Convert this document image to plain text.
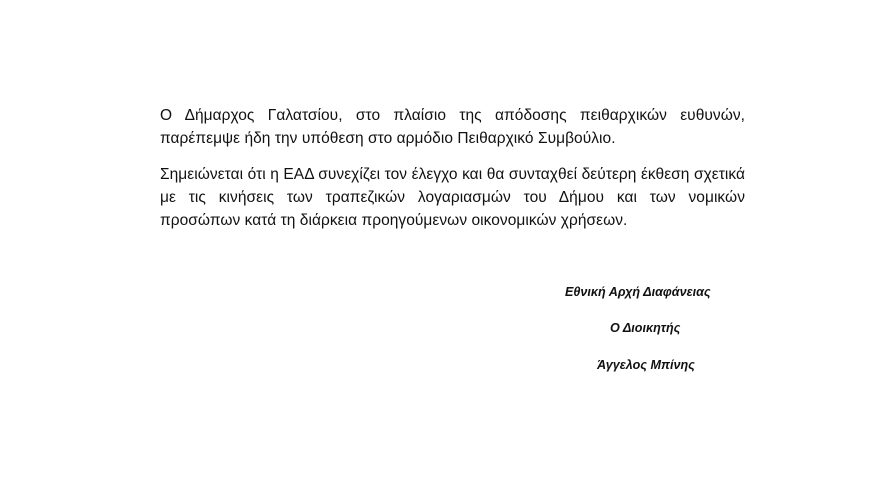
Ο Δήμαρχος Γαλατσίου, στο πλαίσιο της απόδοσης πειθαρχικών ευθυνών, παρέπεμψε ήδη την υπόθεση στο αρμόδιο Πειθαρχικό Συμβούλιο.

Σημειώνεται ότι η ΕΑΔ συνεχίζει τον έλεγχο και θα συνταχθεί δεύτερη έκθεση σχετικά με τις κινήσεις των τραπεζικών λογαριασμών του Δήμου και των νομικών προσώπων κατά τη διάρκεια προηγούμενων οικονομικών χρήσεων.

Εθνική Αρχή Διαφάνειας
Ο Διοικητής
Άγγελος Μπίνης
